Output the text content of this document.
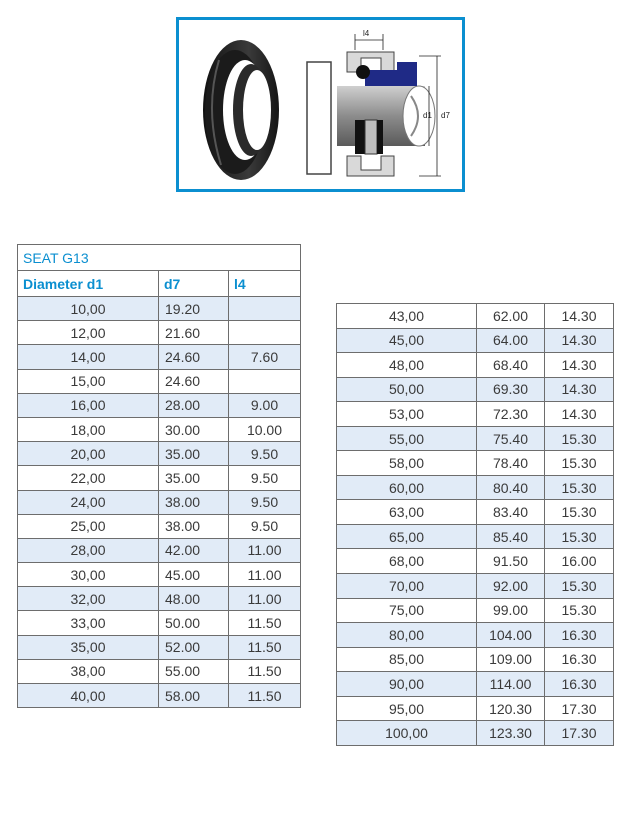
l4
d1 d7
SEAT G13		
Diameter d1	d7	l4
10,00	19.20	
12,00	21.60	
14,00	24.60	7.60
15,00	24.60	
16,00	28.00	9.00
18,00	30.00	10.00
20,00	35.00	9.50
22,00	35.00	9.50
24,00	38.00	9.50
25,00	38.00	9.50
28,00	42.00	11.00
30,00	45.00	11.00
32,00	48.00	11.00
33,00	50.00	11.50
35,00	52.00	11.50
38,00	55.00	11.50
40,00	58.00	11.50
43,00	62.00	14.30
45,00	64.00	14.30
48,00	68.40	14.30
50,00	69.30	14.30
53,00	72.30	14.30
55,00	75.40	15.30
58,00	78.40	15.30
60,00	80.40	15.30
63,00	83.40	15.30
65,00	85.40	15.30
68,00	91.50	16.00
70,00	92.00	15.30
75,00	99.00	15.30
80,00	104.00	16.30
85,00	109.00	16.30
90,00	114.00	16.30
95,00	120.30	17.30
100,00	123.30	17.30
